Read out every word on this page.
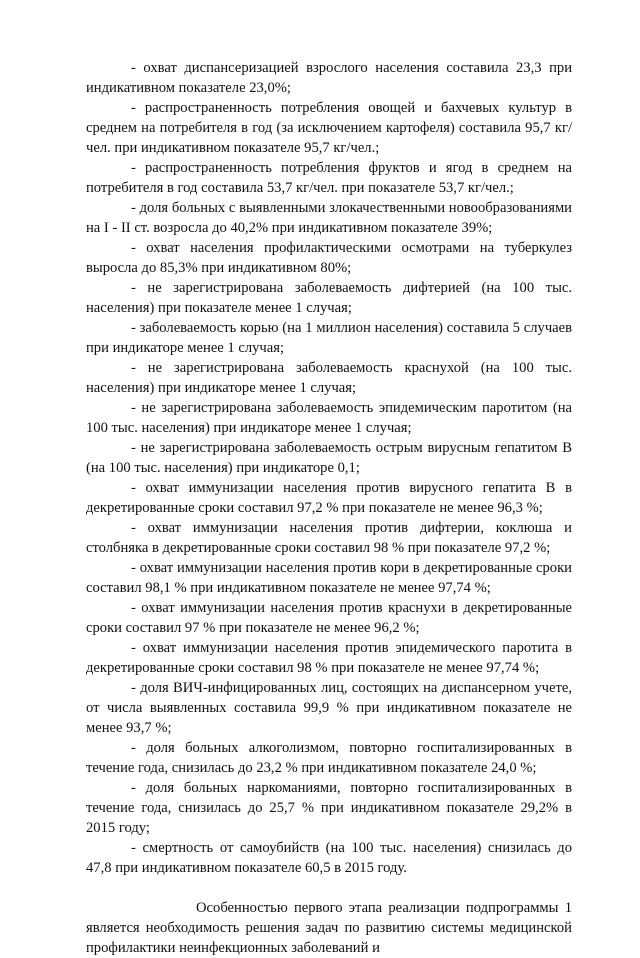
- охват диспансеризацией взрослого населения составила 23,3 при индикативном показателе 23,0%;

- распространенность потребления овощей и бахчевых культур в среднем на потребителя в год (за исключением картофеля) составила 95,7 кг/чел. при индикативном показателе 95,7 кг/чел.;

- распространенность потребления фруктов и ягод в среднем на потребителя в год составила 53,7 кг/чел. при показателе 53,7 кг/чел.;

- доля больных с выявленными злокачественными новообразованиями на I - II ст. возросла до 40,2% при индикативном показателе 39%;

- охват населения профилактическими осмотрами на туберкулез выросла до 85,3% при индикативном 80%;

- не зарегистрирована заболеваемость дифтерией (на 100 тыс. населения) при показателе менее 1 случая;

- заболеваемость корью (на 1 миллион населения) составила 5 случаев при индикаторе менее 1 случая;

- не зарегистрирована заболеваемость краснухой (на 100 тыс. населения) при индикаторе менее 1 случая;

- не зарегистрирована заболеваемость эпидемическим паротитом (на 100 тыс. населения) при индикаторе менее 1 случая;

- не зарегистрирована заболеваемость острым вирусным гепатитом B (на 100 тыс. населения) при индикаторе 0,1;

- охват иммунизации населения против вирусного гепатита B в декретированные сроки составил 97,2 % при показателе не менее 96,3 %;

- охват иммунизации населения против дифтерии, коклюша и столбняка в декретированные сроки составил 98 % при показателе 97,2 %;

- охват иммунизации населения против кори в декретированные сроки составил 98,1 % при индикативном показателе не менее 97,74 %;

- охват иммунизации населения против краснухи в декретированные сроки составил 97 % при показателе не менее 96,2 %;

- охват иммунизации населения против эпидемического паротита в декретированные сроки составил 98 % при показателе не менее 97,74 %;

- доля ВИЧ-инфицированных лиц, состоящих на диспансерном учете, от числа выявленных составила 99,9 % при индикативном показателе не менее 93,7 %;

- доля больных алкоголизмом, повторно госпитализированных в течение года, снизилась до 23,2 % при индикативном показателе 24,0 %;

- доля больных наркоманиями, повторно госпитализированных в течение года, снизилась до 25,7 % при индикативном показателе 29,2% в 2015 году;

- смертность от самоубийств (на 100 тыс. населения) снизилась до 47,8 при индикативном показателе 60,5 в 2015 году.

Особенностью первого этапа реализации подпрограммы 1 является необходимость решения задач по развитию системы медицинской профилактики неинфекционных заболеваний и
